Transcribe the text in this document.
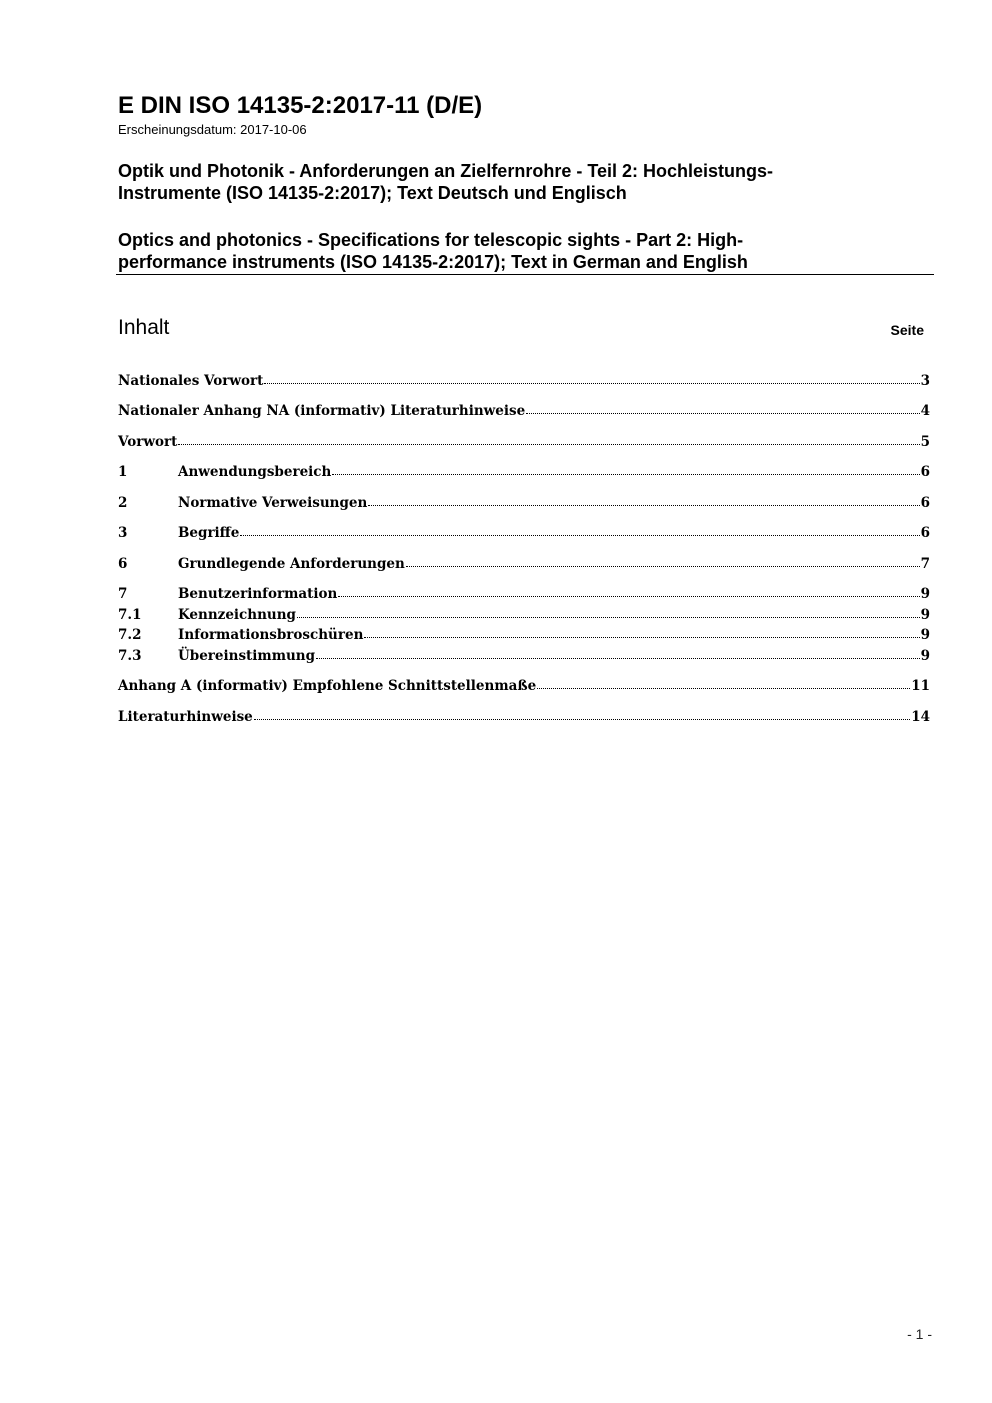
E DIN ISO 14135-2:2017-11 (D/E)
Erscheinungsdatum: 2017-10-06
Optik und Photonik - Anforderungen an Zielfernrohre - Teil 2: Hochleistungs-
Instrumente (ISO 14135-2:2017); Text Deutsch und Englisch
Optics and photonics - Specifications for telescopic sights - Part 2: High-
performance instruments (ISO 14135-2:2017); Text in German and English
Inhalt	Seite
Nationales Vorwort	3
Nationaler Anhang NA (informativ) Literaturhinweise	4
Vorwort	5
1	Anwendungsbereich	6
2	Normative Verweisungen	6
3	Begriffe	6
6	Grundlegende Anforderungen	7
7	Benutzerinformation	9
7.1	Kennzeichnung	9
7.2	Informationsbroschüren	9
7.3	Übereinstimmung	9
Anhang A (informativ) Empfohlene Schnittstellenmaße	11
Literaturhinweise	14
- 1 -
